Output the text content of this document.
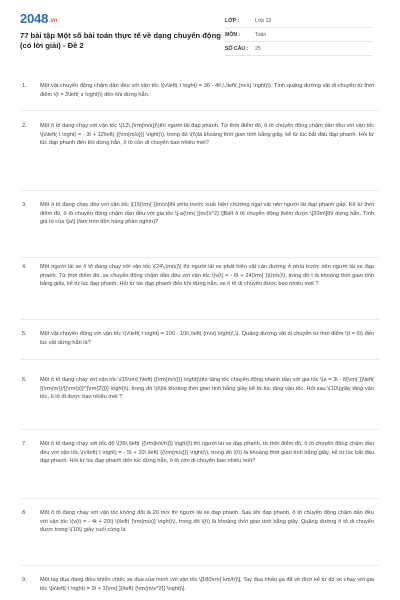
2048.vn
77 bài tập Một số bài toán thực tế về dạng chuyển động (có lời giải) - Đề 2
LỚP :	Lớp 12
MÔN :	Toán
SỐ CÂU :	25
1. Một vật chuyển động chậm dần đều với vận tốc \(v\left( t \right) = 36 - 4t\,\,\left( {m/s} \right)\). Tính quãng đường vật di chuyển từ thời điểm \(t = 3\left( s \right)\) đến khi dừng hẳn.
2. Một ô tô đang chạy với vận tốc \(12\,{\rm{m/s}}\)thì người lái đạp phanh. Từ thời điểm đó, ô tô chuyển động chậm dần đều với vận tốc \(v\left( t \right) = - 3t + 12\left( {{\rm{m/s}}} \right)\), trong đó \(t\)là khoảng thời gian tính bằng giây, kể từ lúc bắt đầu đạp phanh. Hỏi từ lúc đạp phanh đến khi dừng hẳn, ô tô còn di chuyển bao nhiêu mét?
3. Một ô tô đang chạy đều với vận tốc \[15{\rm{ }}m/s\]thì phía trước xuất hiện chướng ngại vật nên người lái đạp phanh gấp. Kể từ thời điểm đó, ô tô chuyển động chậm dần đều với gia tốc \[-a{\rm{ }}m/{s^2}.\]Biết ô tô chuyển động thêm được \[20m\]thì dừng hẳn. Tính giá trị của \[a\] (làm tròn đến hàng phần nghìn)?
4. Một người lái xe ô tô đang chạy với vận tốc \(24\,(m/s)\) thì người lái xe phát hiện vật cản đường ở phía trước nên người lái xe đạp phanh. Từ thời điểm đó, xe chuyển động chậm dần đều với vận tốc \(v(t) = - 6t + 24{\rm{ }}(m/s)\), trong đó t là khoảng thời gian tính bằng giây, kể từ lúc đạp phanh. Hỏi từ lúc đạp phanh đến khi dừng hẳn, xe ô tô di chuyển được bao nhiêu mét ?
5. Một vật chuyển động với vận tốc \(v\left( t \right) = 100 - 10t\,\left( {m/s} \right)\,\). Quãng đường vật di chuyển từ thời điểm \(t = 0\) đến lúc vật dừng hẳn là?
6. Một ô tô đang chạy với vận tốc \(15\rm{ }\left( {{\rm{m/s}}} \right)\)thì tăng tốc chuyển động nhanh dần với gia tốc \(a = 3t - 8{\rm{ }}\left( {{\rm{m}}/{{\rm{s}}^{\rm{2}}}} \right)\), trong đó \(t\)là khoảng thời gian tính bằng giây kể từ lúc tăng vận tốc. Hỏi sau \(10\)giây tăng vận tốc, ô tô đi được bao nhiêu mét ?
7. Một ô tô đang chạy với tốc độ \(36\,\left( {{\rm{km/h}}} \right)\) thì người lái xe đạp phanh, từ thời điểm đó, ô tô chuyển động chậm dần đều với vận tốc \(v\left( t \right) = - 5t + 10\,\left( {{\rm{m/s}}} \right)\), trong đó \(t\) là khoảng thời gian tính bằng giây, kể từ lúc bắt đầu đạp phanh. Hỏi từ lúc đạp phanh đến lúc dừng hẳn, ô tô còn di chuyển bao nhiêu mét?
8. Một ô tô đang chạy với vận tốc không đổi là 20 m/s thì người lái xe đạp phanh. Sau khi đạp phanh, ô tô chuyển động chậm dần đều với vận tốc \(v(t) = - 4t + 20\) \(\left( {\rm{m/s}} \right)\), trong đó \(t\) là khoảng thời gian tính bằng giây. Quãng đường ô tô di chuyển được trong \(10\) giây cuối cùng là
9. Một tay đua đang điều khiển chiếc xe đua của mình với vận tốc \[180\rm{ km/h}\]. Tay đua nhấn ga để về đích kể từ đó xe chạy với gia tốc \[a\left( t \right) = 2t + 1{\rm{ }}\left( {\rm{m/s^2}} \right)\].
